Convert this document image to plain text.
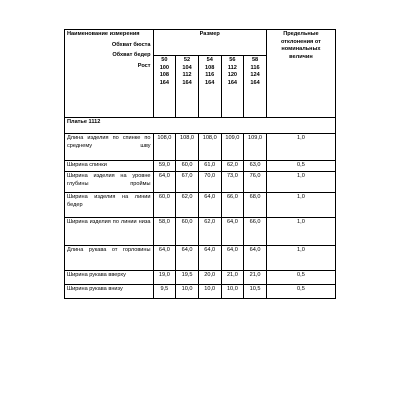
Наименование измерения
Обхват бюста
Обхват бедер
Рост	Размер					Предельные отклонения от номинальных величин

	50
100
108
164	52
104
112
164	54
108
116
164	56
112
120
164	58
116
124
164	

Платье 1112						
Длина изделия по спинке по среднему шву	108,0	108,0	108,0	109,0	109,0	1,0
Ширина спинки	59,0	60,0	61,0	62,0	63,0	0,5
Ширина изделия на уровне глубины проймы	64,0	67,0	70,0	73,0	76,0	1,0
Ширина изделия на линии бедер	60,0	62,0	64,0	66,0	68,0	1,0
Ширина изделия по линии низа	58,0	60,0	62,0	64,0	66,0	1,0
Длина рукава от горловины	64,0	64,0	64,0	64,0	64,0	1,0
Ширина рукава вверху	19,0	19,5	20,0	21,0	21,0	0,5
Ширина рукава внизу	9,5	10,0	10,0	10,0	10,5	0,5
